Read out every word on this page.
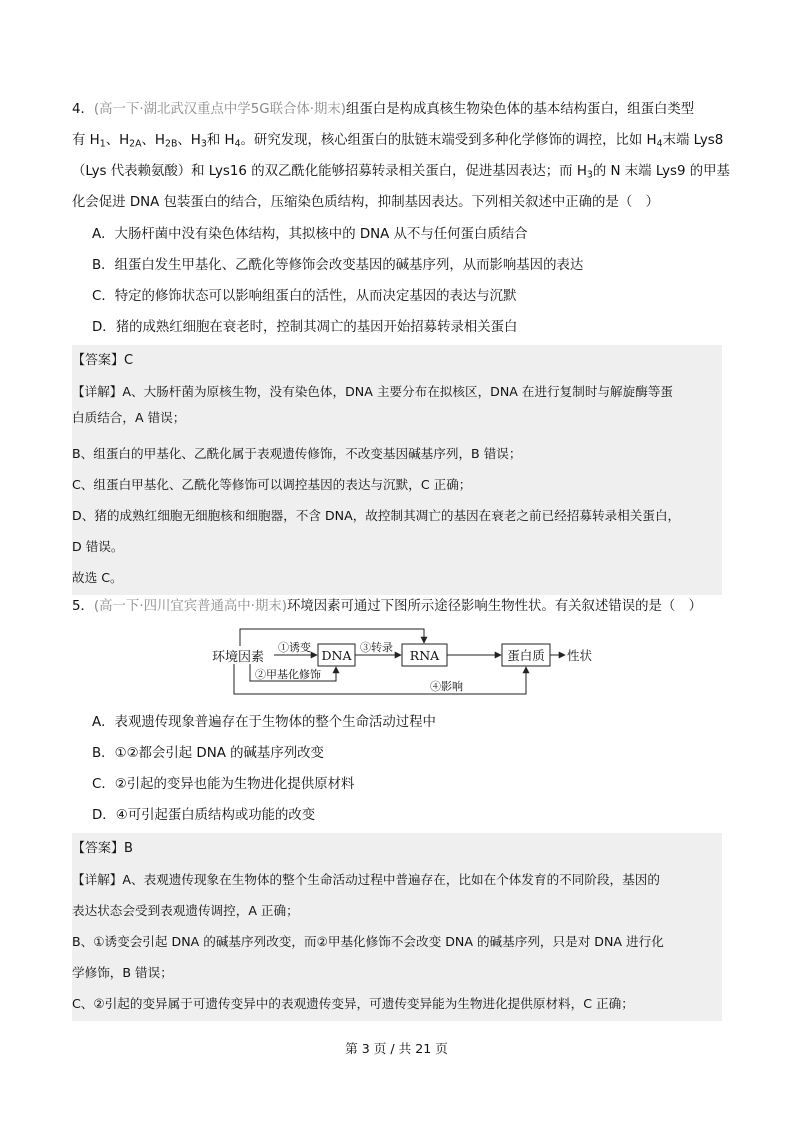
4．(高一下·湖北武汉重点中学5G联合体·期末)组蛋白是构成真核生物染色体的基本结构蛋白，组蛋白类型
有 $H_1$、$H_{2A}$、$H_{2B}$、$H_3$和 $H_4$。研究发现，核心组蛋白的肽链末端受到多种化学修饰的调控，比如 $H_4$末端 Lys8
（Lys 代表赖氨酸）和 Lys16 的双乙酰化能够招募转录相关蛋白，促进基因表达；而 $H_3$的 N 末端 Lys9 的甲基
化会促进 DNA 包装蛋白的结合，压缩染色质结构，抑制基因表达。下列相关叙述中正确的是（　）
A．大肠杆菌中没有染色体结构，其拟核中的 DNA 从不与任何蛋白质结合
B．组蛋白发生甲基化、乙酰化等修饰会改变基因的碱基序列，从而影响基因的表达
C．特定的修饰状态可以影响组蛋白的活性，从而决定基因的表达与沉默
D．猪的成熟红细胞在衰老时，控制其凋亡的基因开始招募转录相关蛋白
【答案】C
【详解】A、大肠杆菌为原核生物，没有染色体，DNA 主要分布在拟核区，DNA 在进行复制时与解旋酶等蛋
白质结合，A 错误；
B、组蛋白的甲基化、乙酰化属于表观遗传修饰，不改变基因碱基序列，B 错误；
C、组蛋白甲基化、乙酰化等修饰可以调控基因的表达与沉默，C 正确；
D、猪的成熟红细胞无细胞核和细胞器，不含 DNA，故控制其凋亡的基因在衰老之前已经招募转录相关蛋白，
D 错误。
故选 C。
5．(高一下·四川宜宾普通高中·期末)环境因素可通过下图所示途径影响生物性状。有关叙述错误的是（　）
环境因素	DNA	RNA	蛋白质 性状
①诱变	③转录
②甲基化修饰
④影响
A．表观遗传现象普遍存在于生物体的整个生命活动过程中
B．①②都会引起 DNA 的碱基序列改变
C．②引起的变异也能为生物进化提供原材料
D．④可引起蛋白质结构或功能的改变
【答案】B
【详解】A、表观遗传现象在生物体的整个生命活动过程中普遍存在，比如在个体发育的不同阶段，基因的
表达状态会受到表观遗传调控，A 正确；
B、①诱变会引起 DNA 的碱基序列改变，而②甲基化修饰不会改变 DNA 的碱基序列，只是对 DNA 进行化
学修饰，B 错误；
C、②引起的变异属于可遗传变异中的表观遗传变异，可遗传变异能为生物进化提供原材料，C 正确；
第 3 页 / 共 21 页
